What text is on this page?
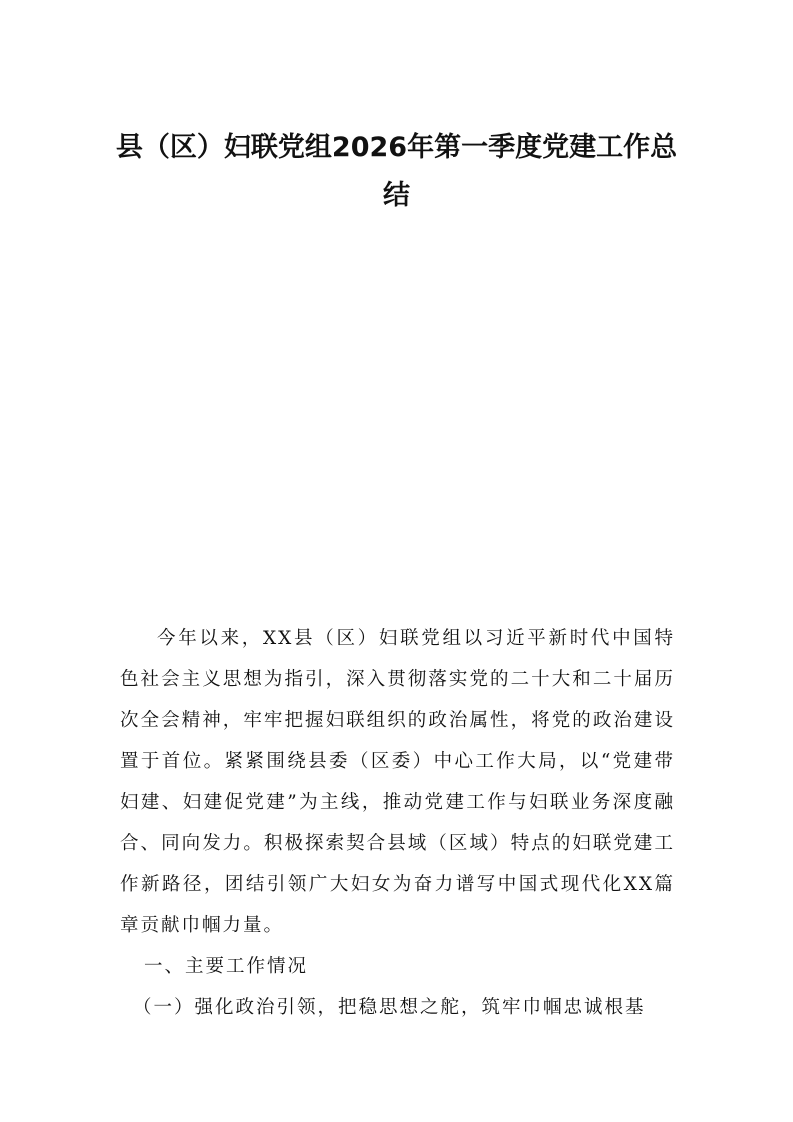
县（区）妇联党组2026年第一季度党建工作总结

今年以来，XX县（区）妇联党组以习近平新时代中国特色社会主义思想为指引，深入贯彻落实党的二十大和二十届历次全会精神，牢牢把握妇联组织的政治属性，将党的政治建设置于首位。紧紧围绕县委（区委）中心工作大局，以“党建带妇建、妇建促党建”为主线，推动党建工作与妇联业务深度融合、同向发力。积极探索契合县域（区域）特点的妇联党建工作新路径，团结引领广大妇女为奋力谱写中国式现代化XX篇章贡献巾帼力量。

一、主要工作情况

（一）强化政治引领，把稳思想之舵，筑牢巾帼忠诚根基
